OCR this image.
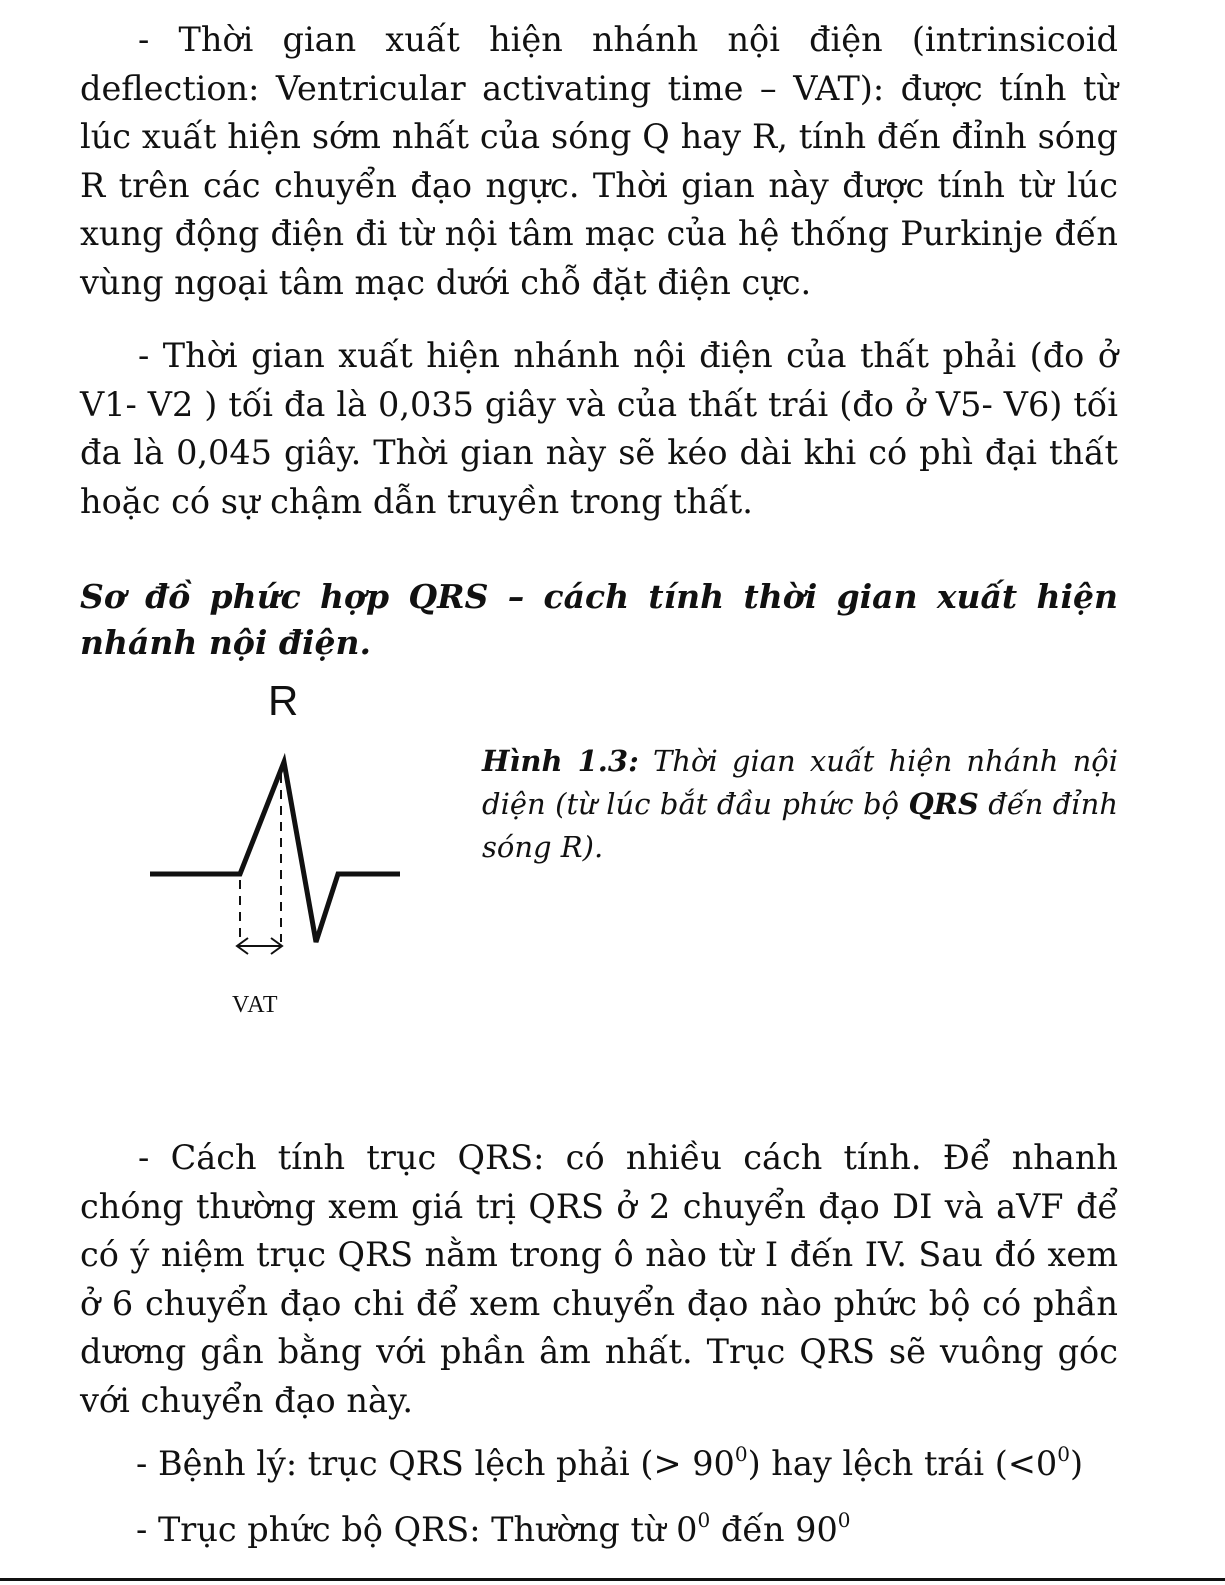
- Thời gian xuất hiện nhánh nội điện (intrinsicoid deflection: Ventricular activating time – VAT): được tính từ lúc xuất hiện sớm nhất của sóng Q hay R, tính đến đỉnh sóng R trên các chuyển đạo ngực. Thời gian này được tính từ lúc xung động điện đi từ nội tâm mạc của hệ thống Purkinje đến vùng ngoại tâm mạc dưới chỗ đặt điện cực.

- Thời gian xuất hiện nhánh nội điện của thất phải (đo ở V1- V2 ) tối đa là 0,035 giây và của thất trái (đo ở V5- V6) tối đa là 0,045 giây. Thời gian này sẽ kéo dài khi có phì đại thất hoặc có sự chậm dẫn truyền trong thất.

Sơ đồ phức hợp QRS – cách tính thời gian xuất hiện nhánh nội điện.

R
VAT

Hình 1.3: Thời gian xuất hiện nhánh nội diện (từ lúc bắt đầu phức bộ QRS đến đỉnh sóng R).

- Cách tính trục QRS: có nhiều cách tính. Để nhanh chóng thường xem giá trị QRS ở 2 chuyển đạo DI và aVF để có ý niệm trục QRS nằm trong ô nào từ I đến IV. Sau đó xem ở 6 chuyển đạo chi để xem chuyển đạo nào phức bộ có phần dương gần bằng với phần âm nhất. Trục QRS sẽ vuông góc với chuyển đạo này.

- Bệnh lý: trục QRS lệch phải (> $90^0$) hay lệch trái $(<0^0)$
- Trục phức bộ QRS: Thường từ $0^0$ đến $90^0$
